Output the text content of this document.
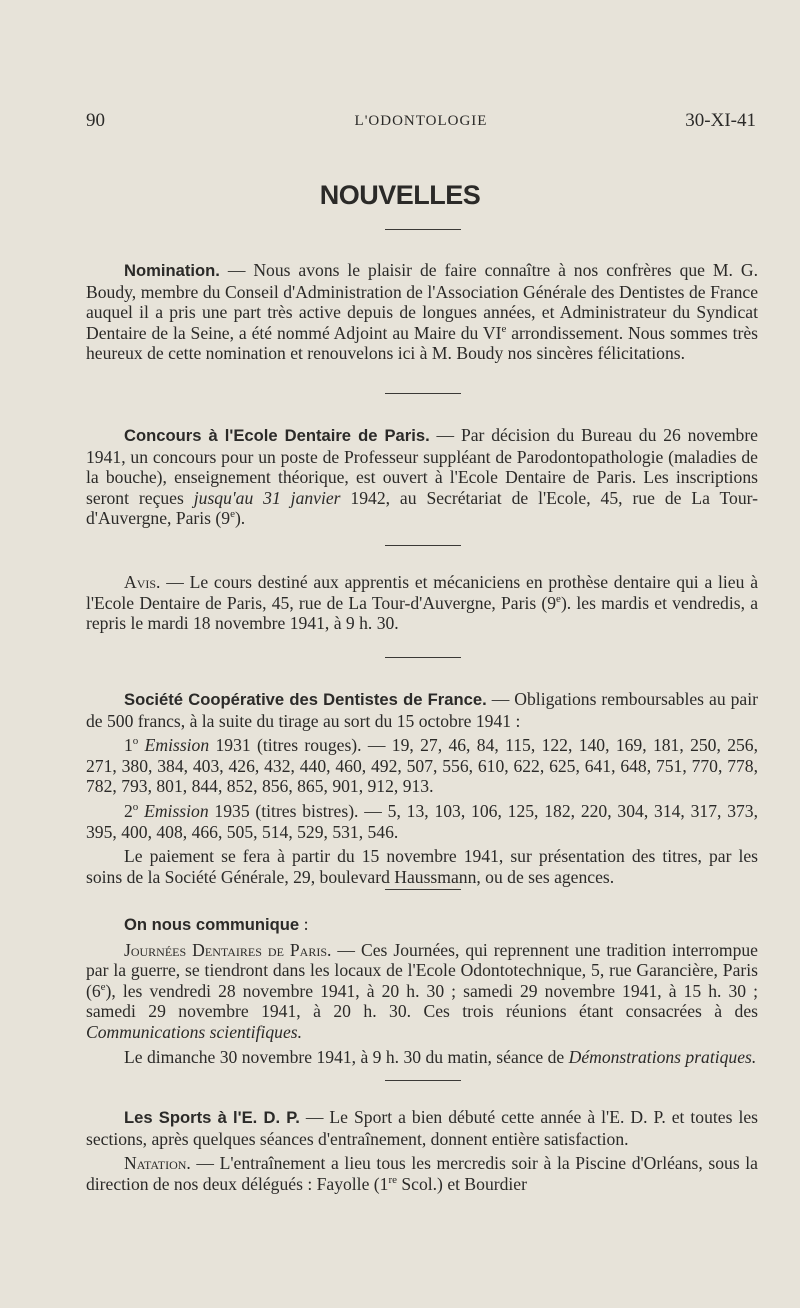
90	L'ODONTOLOGIE	30-XI-41
NOUVELLES

Nomination. — Nous avons le plaisir de faire connaître à nos confrères que M. G. Boudy, membre du Conseil d'Administration de l'Association Générale des Dentistes de France auquel il a pris une part très active depuis de longues années, et Administrateur du Syndicat Dentaire de la Seine, a été nommé Adjoint au Maire du VIe arrondissement. Nous sommes très heureux de cette nomination et renouvelons ici à M. Boudy nos sincères félicitations.

Concours à l'Ecole Dentaire de Paris. — Par décision du Bureau du 26 novembre 1941, un concours pour un poste de Professeur suppléant de Parodontopathologie (maladies de la bouche), enseignement théorique, est ouvert à l'Ecole Dentaire de Paris. Les inscriptions seront reçues jusqu'au 31 janvier 1942, au Secrétariat de l'Ecole, 45, rue de La Tour-d'Auvergne, Paris (9e).

Avis. — Le cours destiné aux apprentis et mécaniciens en prothèse dentaire qui a lieu à l'Ecole Dentaire de Paris, 45, rue de La Tour-d'Auvergne, Paris (9e). les mardis et vendredis, a repris le mardi 18 novembre 1941, à 9 h. 30.

Société Coopérative des Dentistes de France. — Obligations remboursables au pair de 500 francs, à la suite du tirage au sort du 15 octobre 1941 :

1$^o$ Emission 1931 (titres rouges). — 19, 27, 46, 84, 115, 122, 140, 169, 181, 250, 256, 271, 380, 384, 403, 426, 432, 440, 460, 492, 507, 556, 610, 622, 625, 641, 648, 751, 770, 778, 782, 793, 801, 844, 852, 856, 865, 901, 912, 913.

2$^o$ Emission 1935 (titres bistres). — 5, 13, 103, 106, 125, 182, 220, 304, 314, 317, 373, 395, 400, 408, 466, 505, 514, 529, 531, 546.

Le paiement se fera à partir du 15 novembre 1941, sur présentation des titres, par les soins de la Société Générale, 29, boulevard Haussmann, ou de ses agences.

On nous communique :

Journées Dentaires de Paris. — Ces Journées, qui reprennent une tradition interrompue par la guerre, se tiendront dans les locaux de l'Ecole Odontotechnique, 5, rue Garancière, Paris (6e), les vendredi 28 novembre 1941, à 20 h. 30 ; samedi 29 novembre 1941, à 15 h. 30 ; samedi 29 novembre 1941, à 20 h. 30. Ces trois réunions étant consacrées à des Communications scientifiques.

Le dimanche 30 novembre 1941, à 9 h. 30 du matin, séance de Démonstrations pratiques.

Les Sports à l'E. D. P. — Le Sport a bien débuté cette année à l'E. D. P. et toutes les sections, après quelques séances d'entraînement, donnent entière satisfaction.

Natation. — L'entraînement a lieu tous les mercredis soir à la Piscine d'Orléans, sous la direction de nos deux délégués : Fayolle (1re Scol.) et Bourdier
